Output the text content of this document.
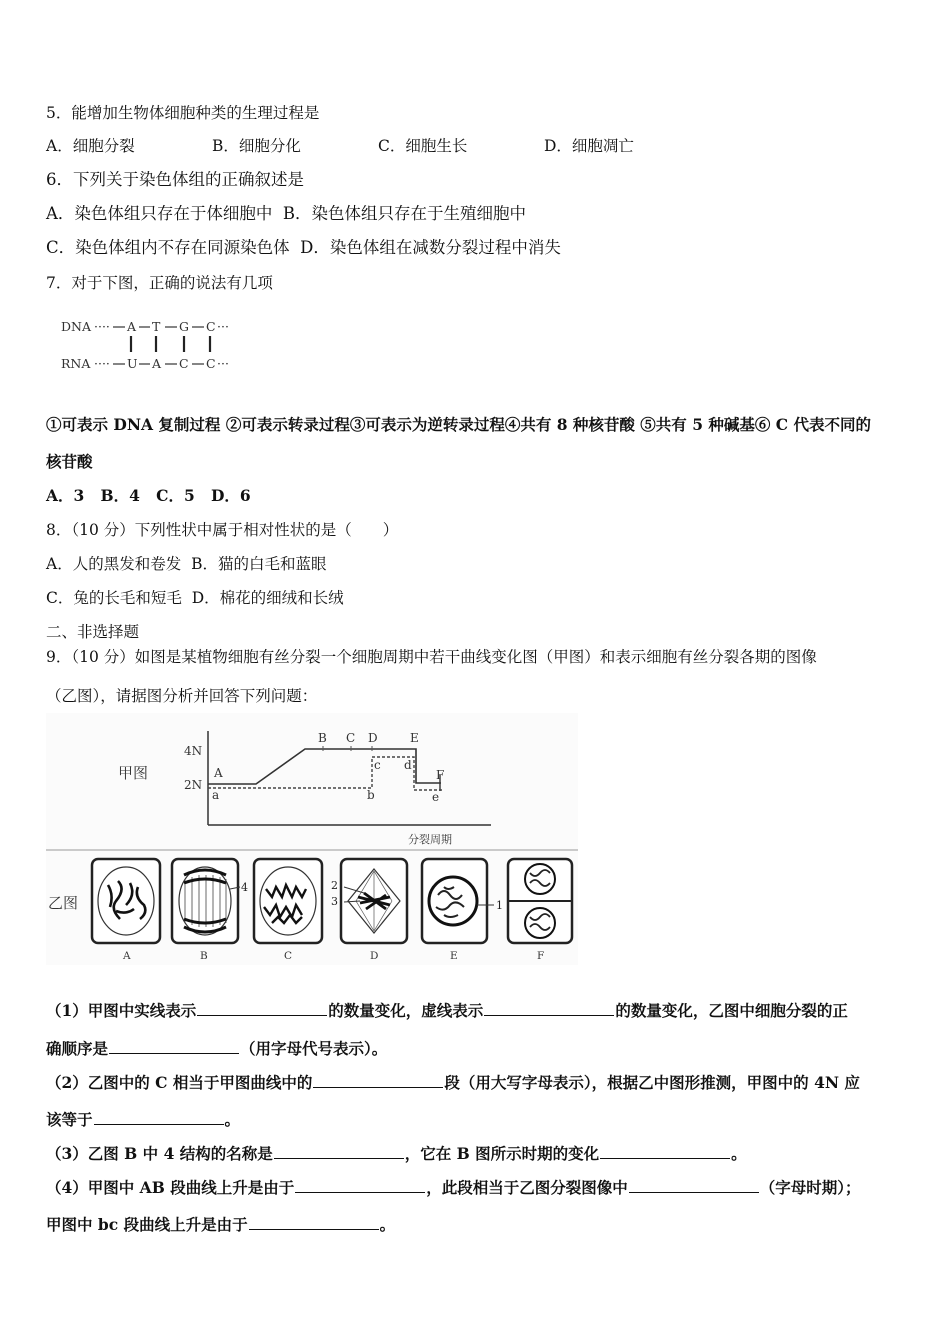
5．能增加生物体细胞种类的生理过程是
A．细胞分裂	B．细胞分化	C．细胞生长	D．细胞凋亡
6．下列关于染色体组的正确叙述是
A．染色体组只存在于体细胞中 B．染色体组只存在于生殖细胞中
C．染色体组内不存在同源染色体 D．染色体组在减数分裂过程中消失
7．对于下图，正确的说法有几项
DNA ···· A T G C ···
RNA ···· U A C C ···
①可表示 DNA 复制过程 ②可表示转录过程③可表示为逆转录过程④共有 8 种核苷酸 ⑤共有 5 种碱基⑥ C 代表不同的
核苷酸
A．3 B．4 C．5 D．6
8．（10 分）下列性状中属于相对性状的是（　　）
A．人的黑发和卷发 B．猫的白毛和蓝眼
C．兔的长毛和短毛 D．棉花的细绒和长绒
二、非选择题
9．（10 分）如图是某植物细胞有丝分裂一个细胞周期中若干曲线变化图（甲图）和表示细胞有丝分裂各期的图像
（乙图），请据图分析并回答下列问题：
甲图
4N
2N
A
B C D	E
F
a	b
c d
e
分裂周期
乙图
4	2
3	1
A	B	C	D	E	F
（1）甲图中实线表示	的数量变化，虚线表示	的数量变化，乙图中细胞分裂的正
确顺序是	（用字母代号表示）。
（2）乙图中的 C 相当于甲图曲线中的	段（用大写字母表示），根据乙中图形推测，甲图中的 4N 应
该等于	。
（3）乙图 B 中 4 结构的名称是	，它在 B 图所示时期的变化	。
（4）甲图中 AB 段曲线上升是由于	，此段相当于乙图分裂图像中	（字母时期）；
甲图中 bc 段曲线上升是由于	。
